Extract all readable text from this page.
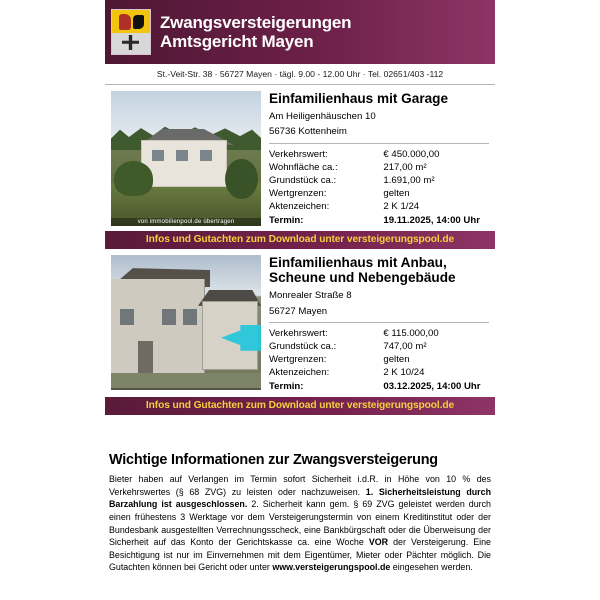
Zwangsversteigerungen
Amtsgericht Mayen
St.-Veit-Str. 38 · 56727 Mayen · tägl. 9.00 - 12.00 Uhr · Tel. 02651/403 -112
von immobilienpool.de übertragen
Einfamilienhaus mit Garage
Am Heiligenhäuschen 10
56736 Kottenheim
Verkehrswert:	€ 450.000,00
Wohnfläche ca.:	217,00 m²
Grundstück ca.:	1.691,00 m²
Wertgrenzen:	gelten
Aktenzeichen:	2 K 1/24
Termin:	19.11.2025, 14:00 Uhr
Infos und Gutachten zum Download unter versteigerungspool.de
Einfamilienhaus mit Anbau, Scheune und Nebengebäude
Monrealer Straße 8
56727 Mayen
Verkehrswert:	€ 115.000,00
Grundstück ca.:	747,00 m²
Wertgrenzen:	gelten
Aktenzeichen:	2 K 10/24
Termin:	03.12.2025, 14:00 Uhr
Infos und Gutachten zum Download unter versteigerungspool.de
Wichtige Informationen zur Zwangsversteigerung

Bieter haben auf Verlangen im Termin sofort Sicherheit i.d.R. in Höhe von 10 % des Verkehrswertes (§ 68 ZVG) zu leisten oder nachzuweisen. 1. Sicherheitsleistung durch Barzahlung ist ausgeschlossen. 2. Sicherheit kann gem. § 69 ZVG geleistet werden durch einen frühestens 3 Werktage vor dem Versteigerungstermin von einem Kreditinstitut oder der Bundesbank ausgestellten Verrechnungsscheck, eine Bankbürgschaft oder die Überweisung der Sicherheit auf das Konto der Gerichtskasse ca. eine Woche VOR der Versteigerung. Eine Besichtigung ist nur im Einvernehmen mit dem Eigentümer, Mieter oder Pächter möglich. Die Gutachten können bei Gericht oder unter www.versteigerungspool.de eingesehen werden.
